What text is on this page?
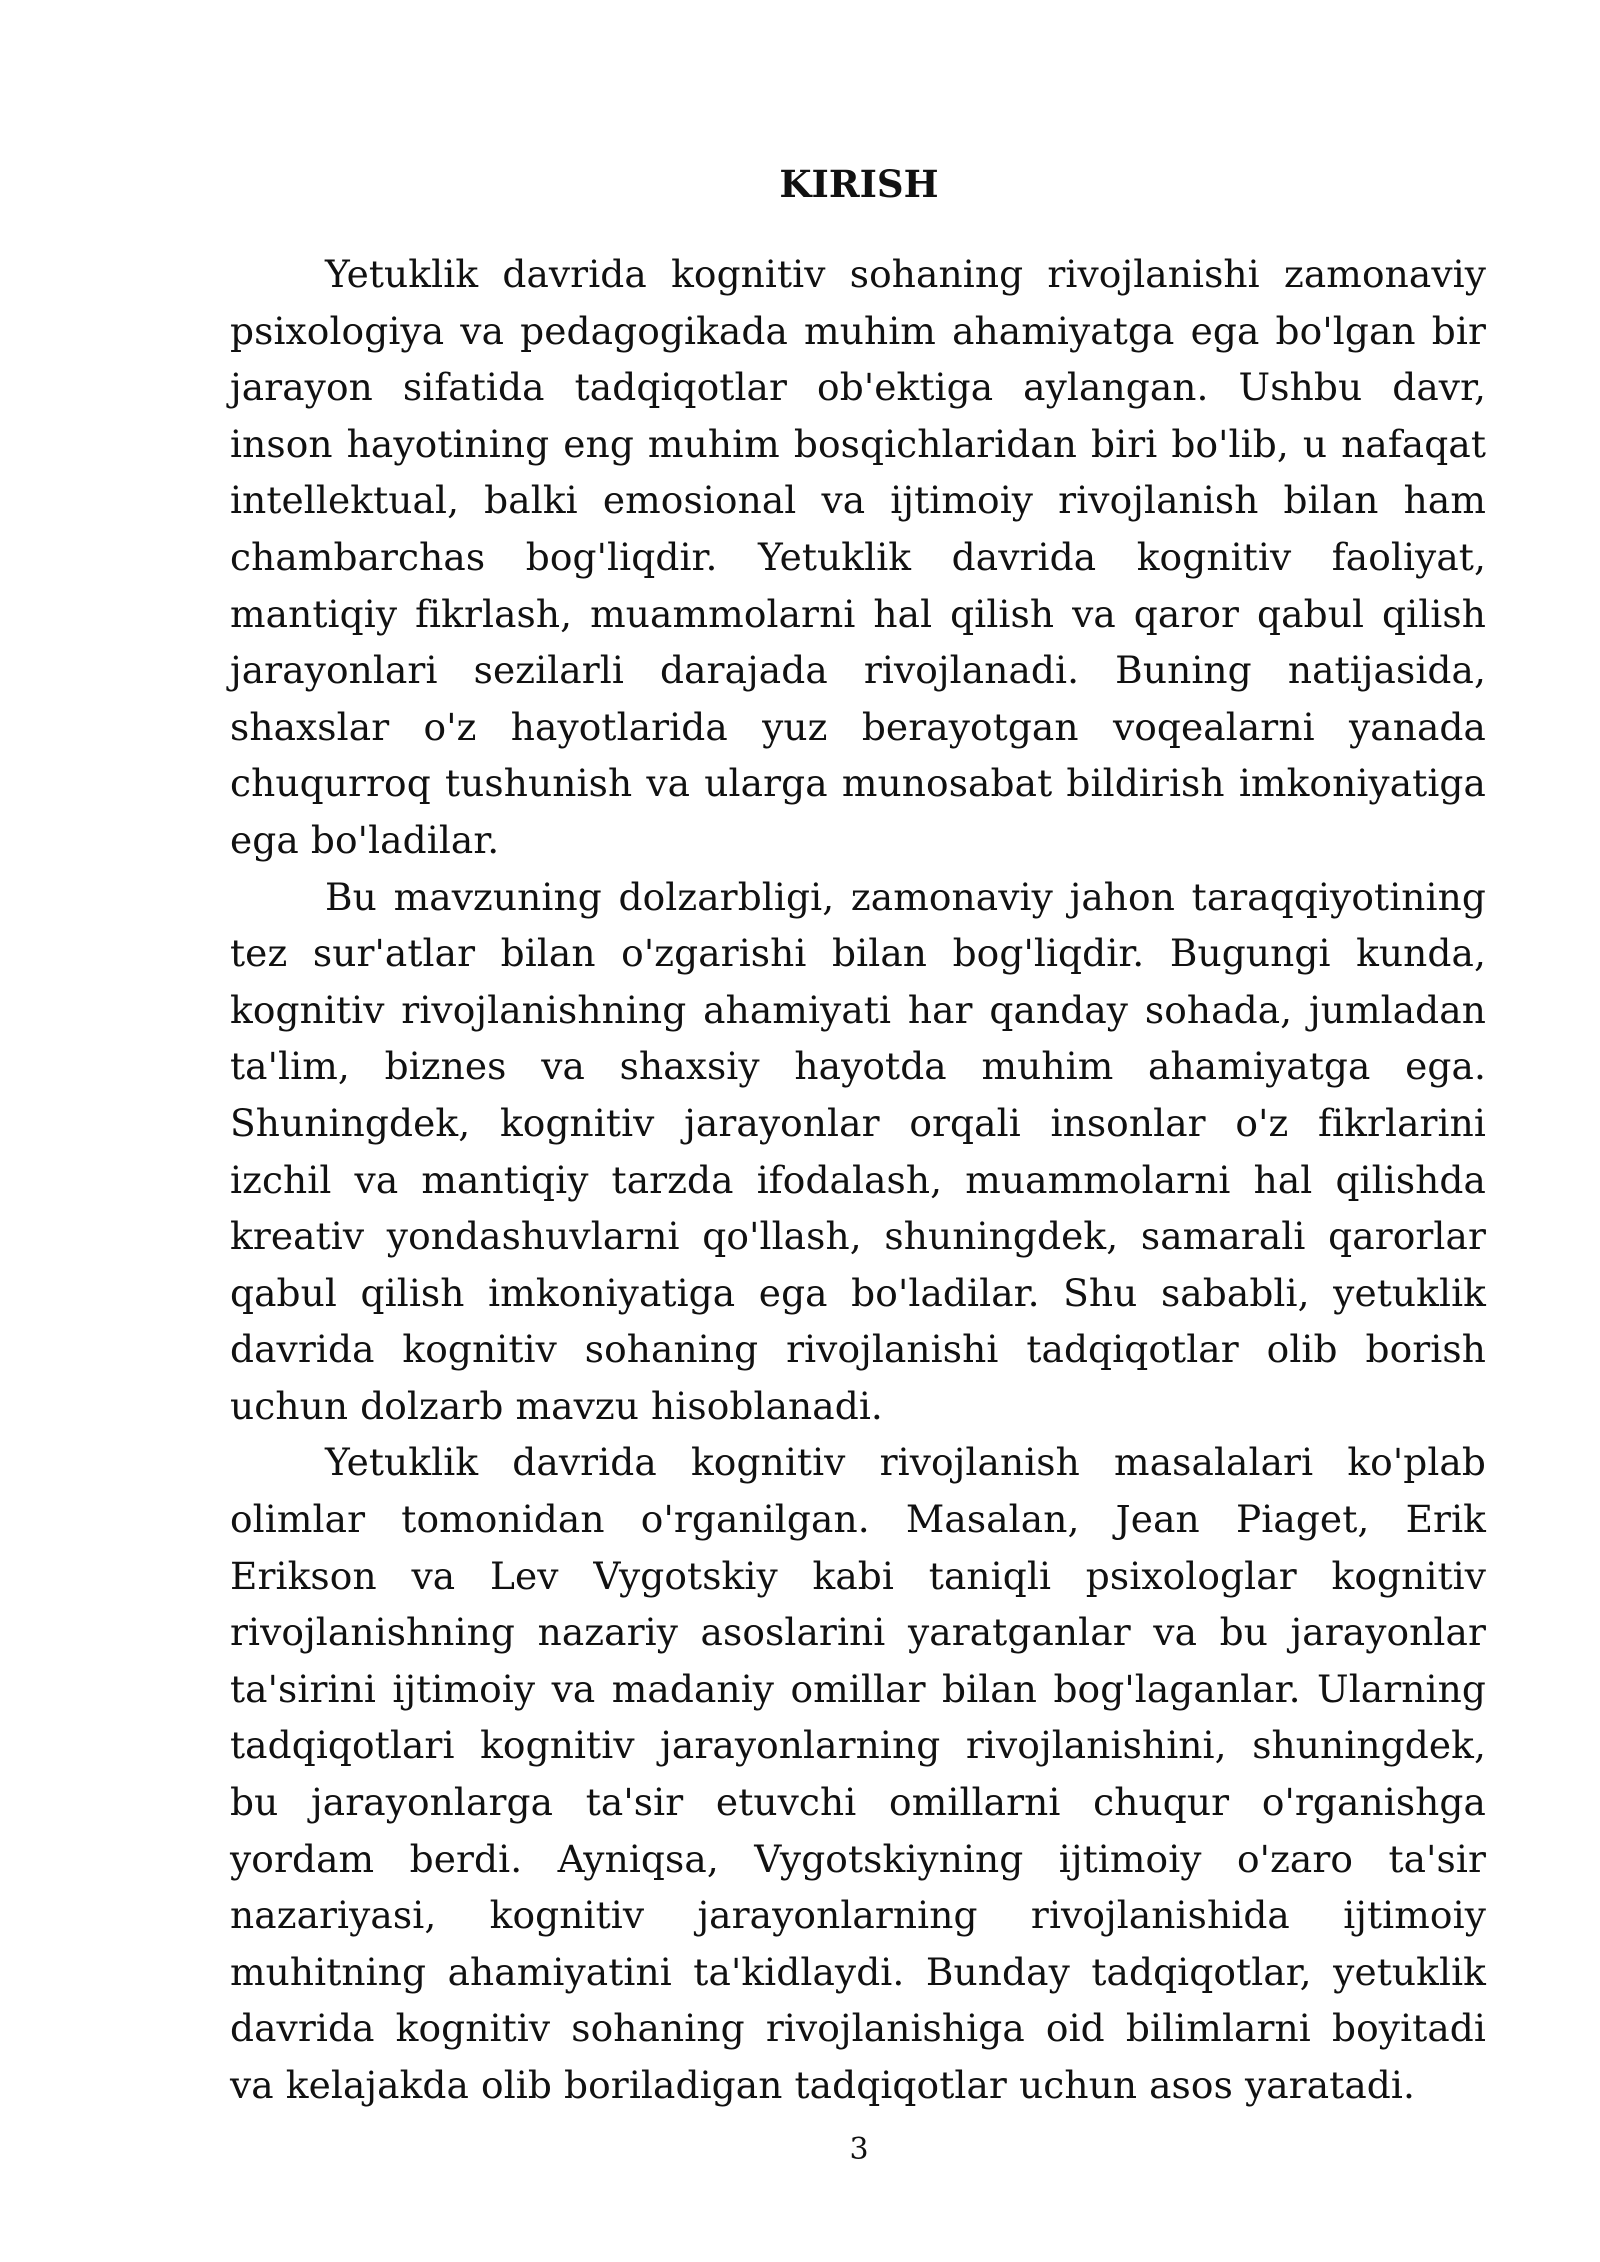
KIRISH

Yetuklik davrida kognitiv sohaning rivojlanishi zamonaviy psixologiya va pedagogikada muhim ahamiyatga ega bo'lgan bir jarayon sifatida tadqiqotlar ob'ektiga aylangan. Ushbu davr, inson hayotining eng muhim bosqichlaridan biri bo'lib, u nafaqat intellektual, balki emosional va ijtimoiy rivojlanish bilan ham chambarchas bog'liqdir. Yetuklik davrida kognitiv faoliyat, mantiqiy fikrlash, muammolarni hal qilish va qaror qabul qilish jarayonlari sezilarli darajada rivojlanadi. Buning natijasida, shaxslar o'z hayotlarida yuz berayotgan voqealarni yanada chuqurroq tushunish va ularga munosabat bildirish imkoniyatiga ega bo'ladilar.

Bu mavzuning dolzarbligi, zamonaviy jahon taraqqiyotining tez sur'atlar bilan o'zgarishi bilan bog'liqdir. Bugungi kunda, kognitiv rivojlanishning ahamiyati har qanday sohada, jumladan ta'lim, biznes va shaxsiy hayotda muhim ahamiyatga ega. Shuningdek, kognitiv jarayonlar orqali insonlar o'z fikrlarini izchil va mantiqiy tarzda ifodalash, muammolarni hal qilishda kreativ yondashuvlarni qo'llash, shuningdek, samarali qarorlar qabul qilish imkoniyatiga ega bo'ladilar. Shu sababli, yetuklik davrida kognitiv sohaning rivojlanishi tadqiqotlar olib borish uchun dolzarb mavzu hisoblanadi.

Yetuklik davrida kognitiv rivojlanish masalalari ko'plab olimlar tomonidan o'rganilgan. Masalan, Jean Piaget, Erik Erikson va Lev Vygotskiy kabi taniqli psixologlar kognitiv rivojlanishning nazariy asoslarini yaratganlar va bu jarayonlar ta'sirini ijtimoiy va madaniy omillar bilan bog'laganlar. Ularning tadqiqotlari kognitiv jarayonlarning rivojlanishini, shuningdek, bu jarayonlarga ta'sir etuvchi omillarni chuqur o'rganishga yordam berdi. Ayniqsa, Vygotskiyning ijtimoiy o'zaro ta'sir nazariyasi, kognitiv jarayonlarning rivojlanishida ijtimoiy muhitning ahamiyatini ta'kidlaydi. Bunday tadqiqotlar, yetuklik davrida kognitiv sohaning rivojlanishiga oid bilimlarni boyitadi va kelajakda olib boriladigan tadqiqotlar uchun asos yaratadi.

3
